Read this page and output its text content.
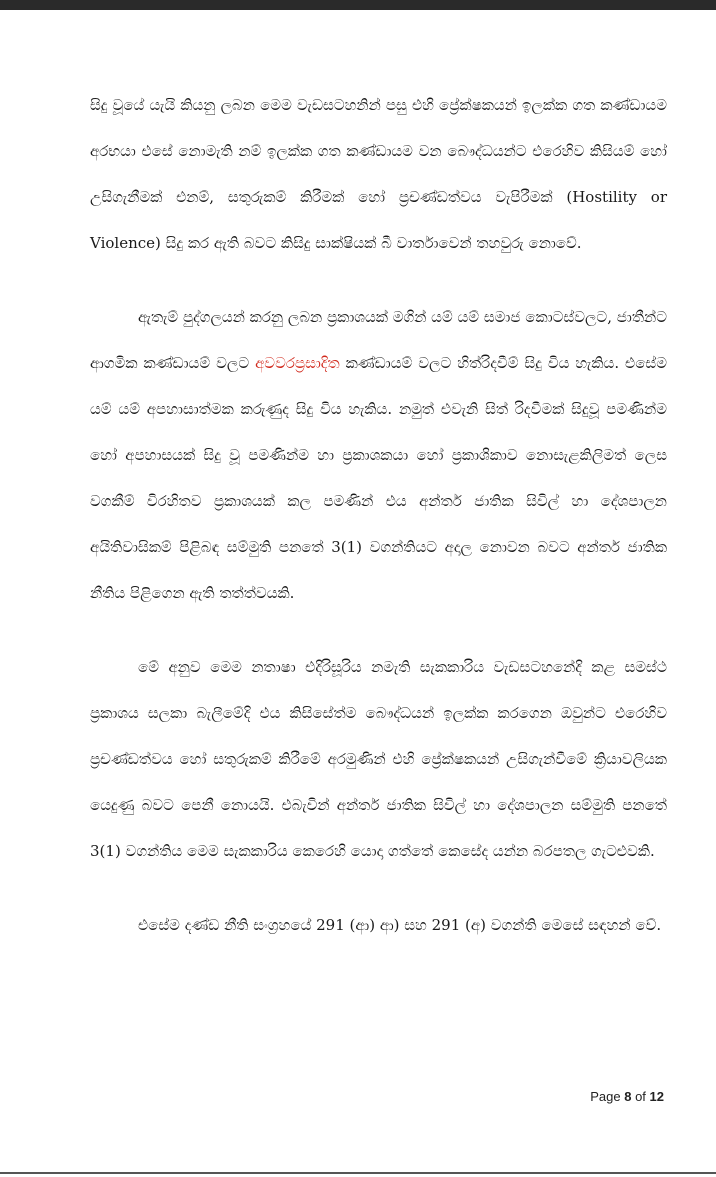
සිදු වූයේ යැයි කියනු ලබන මෙම වැඩසටහනින් පසු එහි ප්‍රේක්ෂකයන් ඉලක්ක ගත කණ්ඩායම අරභයා එසේ නොමැති නම් ඉලක්ක ගත කණ්ඩායම වන බෞද්ධයන්ට එරෙහිව කිසියම් හෝ උසිගැනීමක් එනම්, සතුරුකම් කිරීමක් හෝ ප්‍රචණ්ඩත්වය වැපිරීමක් (Hostility or Violence) සිදු කර ඇති බවට කිසිදු සාක්ෂියක් බී වාර්තාවෙන් තහවුරු නොවේ.

ඇතැම් පුද්ගලයන් කරනු ලබන ප්‍රකාශයක් මගින් යම් යම් සමාජ කොටස්වලට, ජාතීන්ට ආගමික කණ්ඩායම් වලට අවවරප්‍රසාදිත කණ්ඩායම් වලට හිත්රිදවීම් සිදු විය හැකිය. එසේම යම් යම් අපහාසාත්මක කරුණුද සිදු විය හැකිය. නමුත් එවැනි සිත් රිදවීමක් සිදුවූ පමණින්ම හෝ අපහාසයක් සිදු වූ පමණින්ම හා ප්‍රකාශකයා හෝ ප්‍රකාශිකාව නොසැළකිලිමත් ලෙස වගකීම් විරහිතව ප්‍රකාශයක් කල පමණින් එය අන්තර් ජාතික සිවිල් හා දේශපාලන අයිතිවාසිකම් පිළිබඳ සම්මුති පනතේ 3(1) වගන්තියට අදාල නොවන බවට අන්තර් ජාතික නීතිය පිළිගෙන ඇති තත්ත්වයකි.

මේ අනුව මෙම නතාෂා එදිරිසූරිය නමැති සැකකාරිය වැඩසටහනේදි කළ සමස්ථ ප්‍රකාශය සලකා බැලීමේදි එය කිසිසේත්ම බෞද්ධයන් ඉලක්ක කරගෙන ඔවුන්ට එරෙහිව ප්‍රචණ්ඩත්වය හෝ සතුරුකම් කිරීමේ අරමුණින් එහි ප්‍රේක්ෂකයන් උසිගැන්වීමේ ක්‍රියාවලියක යෙදුණු බවට පෙනී නොයයි. එබැවින් අන්තර් ජාතික සිවිල් හා දේශපාලන සම්මුති පනතේ 3(1) වගන්තිය මෙම සැකකාරිය කෙරෙහි යොදා ගත්තේ කෙසේද යන්න බරපතල ගැටළුවකි.

එසේම දණ්ඩ නීති සංග්‍රහයේ 291 (ආ) ආ) සහ 291 (අ) වගන්ති මෙසේ සඳහන් වේ.

Page 8 of 12
